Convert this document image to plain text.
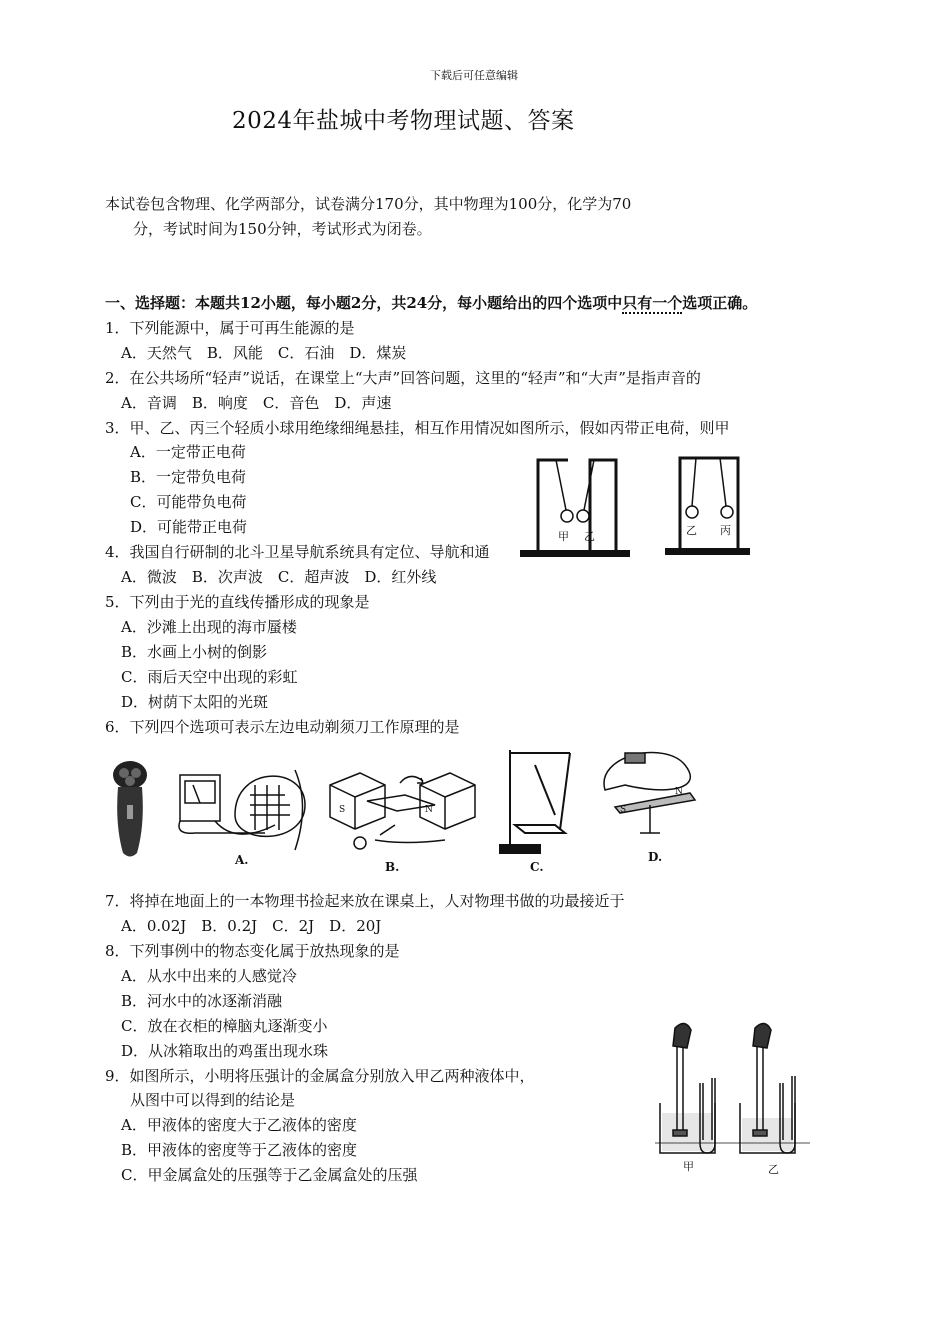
下载后可任意编辑
2024年盐城中考物理试题、答案
本试卷包含物理、化学两部分，试卷满分170分，其中物理为100分，化学为70
分，考试时间为150分钟，考试形式为闭卷。
一、选择题：本题共12小题，每小题2分，共24分，每小题给出的四个选项中只有一个选项正确。
1．下列能源中，属于可再生能源的是
A．天然气　B．风能　C．石油　D．煤炭
2．在公共场所“轻声”说话，在课堂上“大声”回答问题，这里的“轻声”和“大声”是指声音的
A．音调　B．响度　C．音色　D．声速
3．甲、乙、丙三个轻质小球用绝缘细绳悬挂，相互作用情况如图所示，假如丙带正电荷，则甲
A．一定带正电荷
B．一定带负电荷
C．可能带负电荷
D．可能带正电荷
甲 乙	乙 丙
4．我国自行研制的北斗卫星导航系统具有定位、导航和通
A．微波　B．次声波　C．超声波　D．红外线
5．下列由于光的直线传播形成的现象是
A．沙滩上出现的海市蜃楼
B．水画上小树的倒影
C．雨后天空中出现的彩虹
D．树荫下太阳的光斑
6．下列四个选项可表示左边电动剃须刀工作原理的是
S	N	S
N
A.	B.	C.
D.
7．将掉在地面上的一本物理书捡起来放在课桌上，人对物理书做的功最接近于
A．0.02J　B．0.2J　C．2J　D．20J
8．下列事例中的物态变化属于放热现象的是
A．从水中出来的人感觉冷
B．河水中的冰逐渐消融
C．放在衣柜的樟脑丸逐渐变小
D．从冰箱取出的鸡蛋出现水珠
9．如图所示，小明将压强计的金属盒分别放入甲乙两种液体中，
从图中可以得到的结论是
A．甲液体的密度大于乙液体的密度
B．甲液体的密度等于乙液体的密度
C．甲金属盒处的压强等于乙金属盒处的压强	甲	乙
